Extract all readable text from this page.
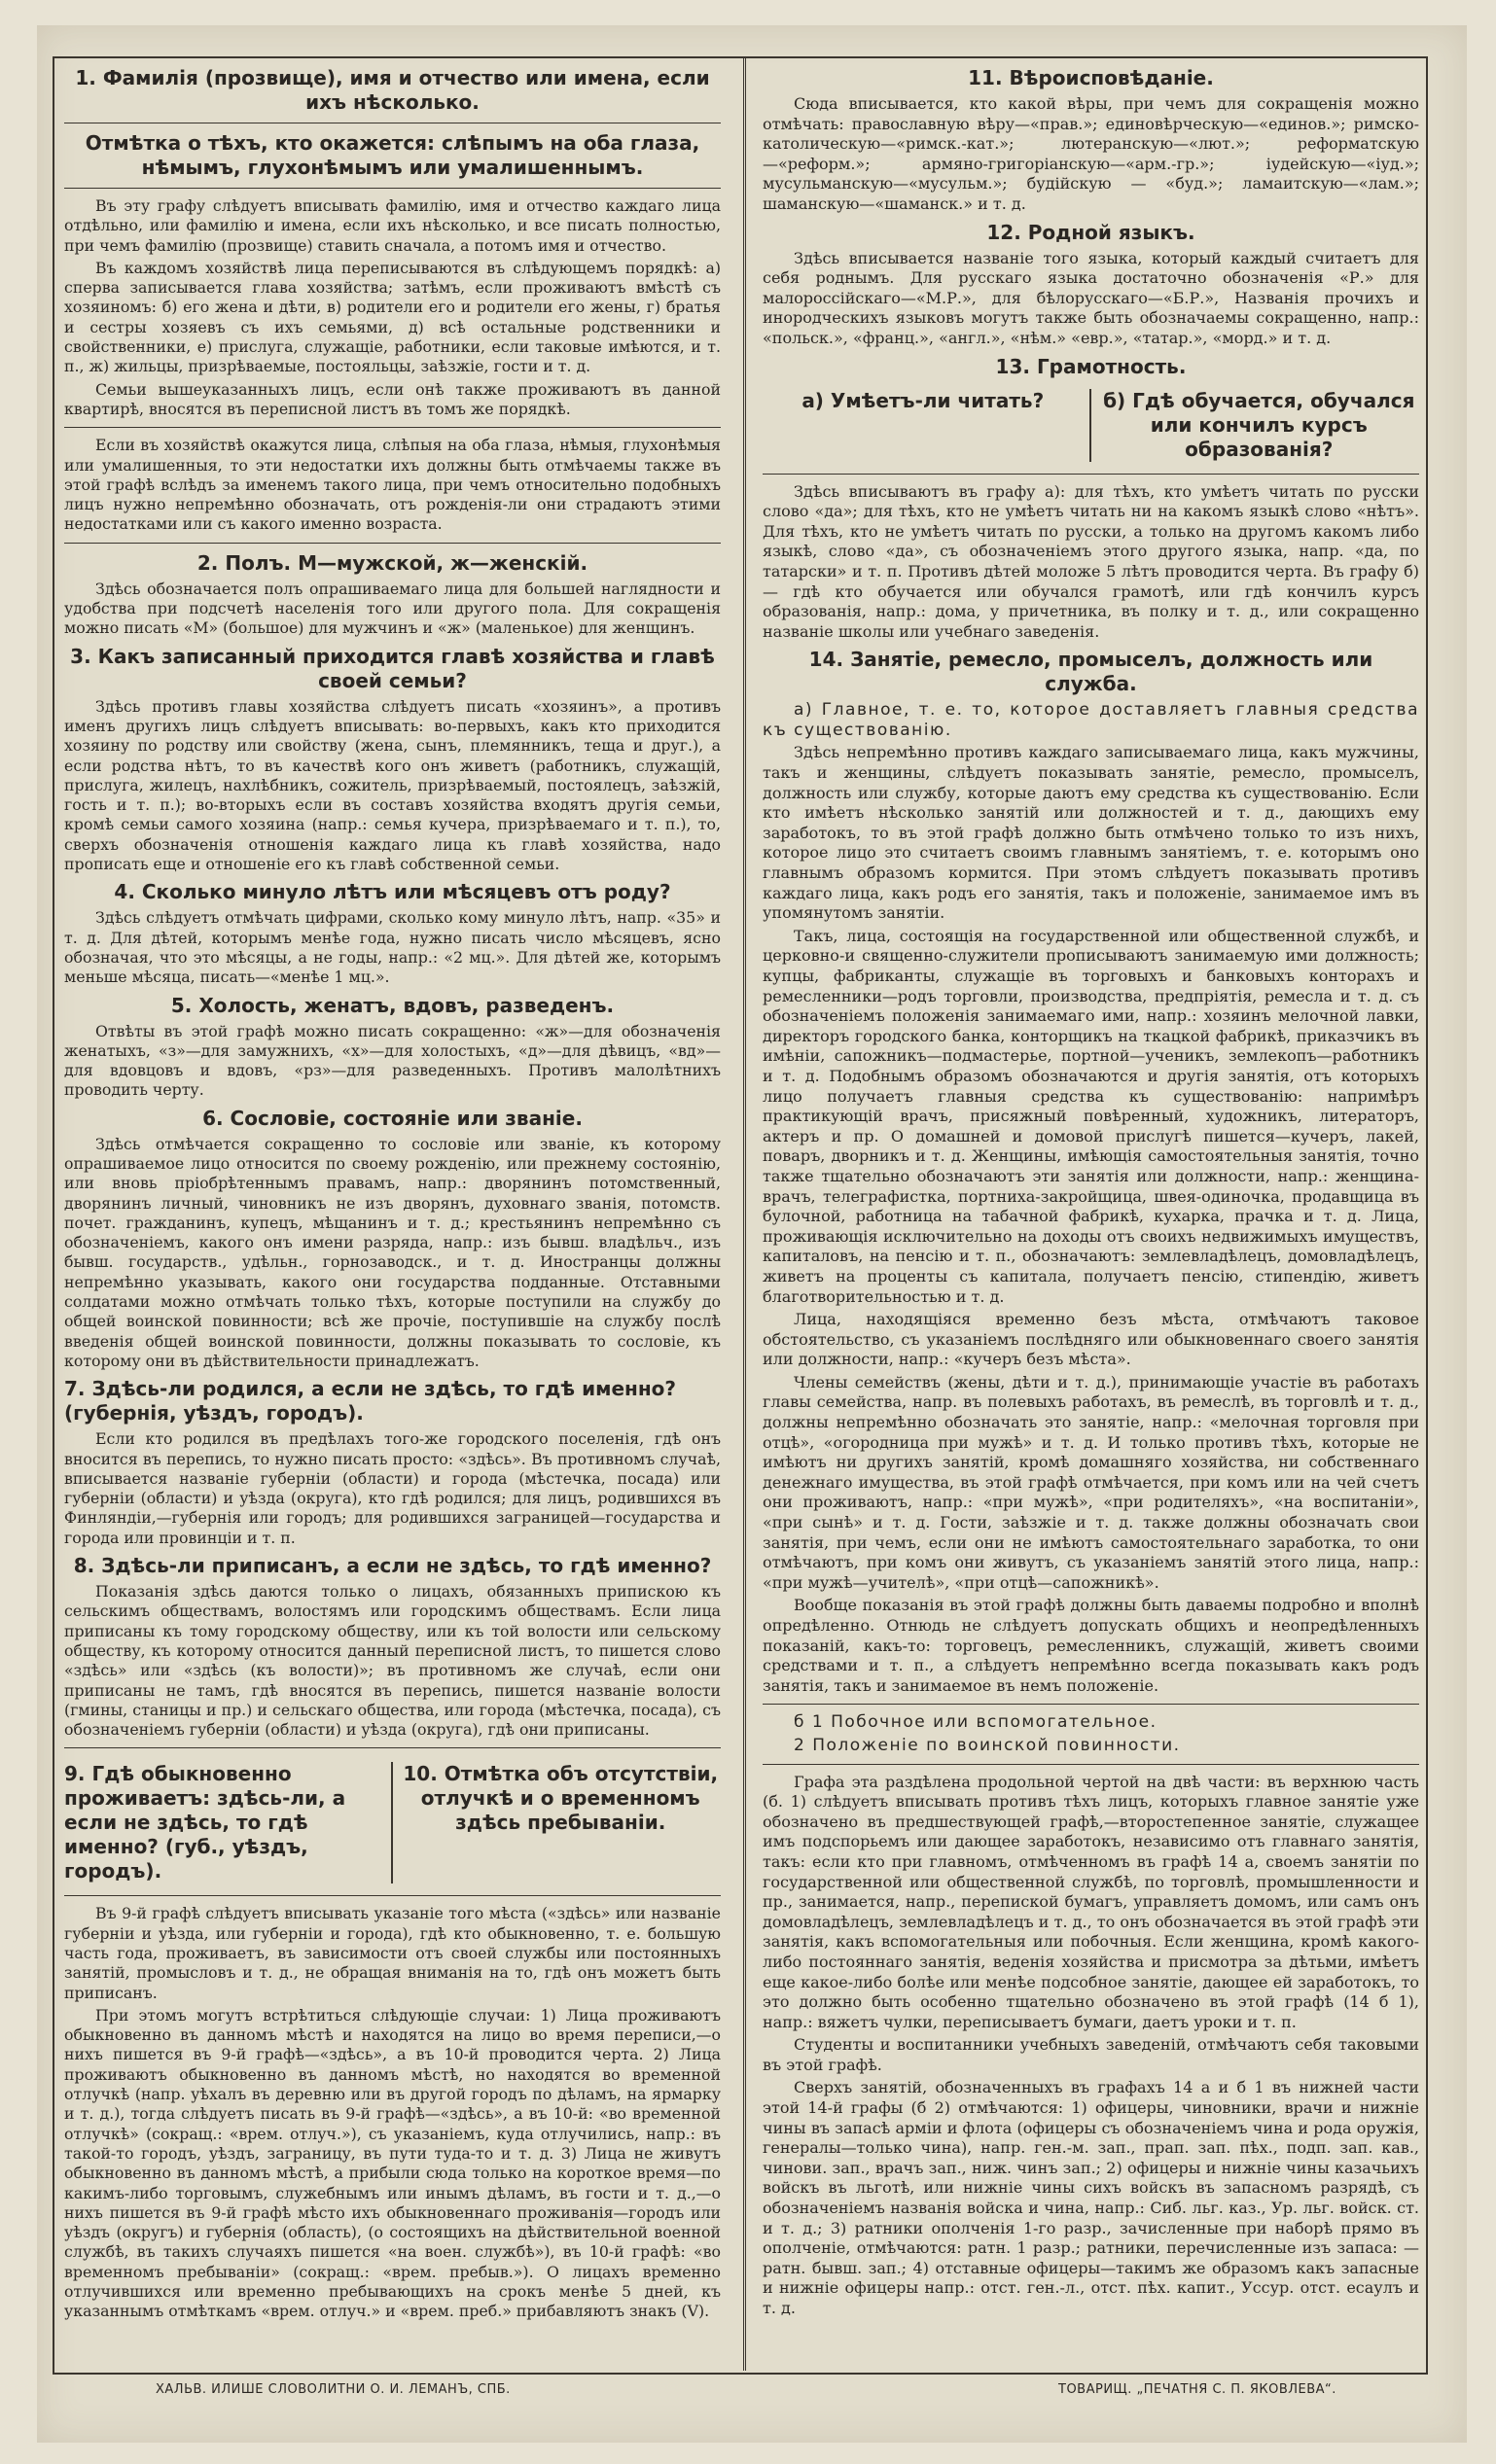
1. Фамилія (прозвище), имя и отчество или имена, если ихъ нѣсколько.
Отмѣтка о тѣхъ, кто окажется: слѣпымъ на оба глаза, нѣмымъ, глухонѣмымъ или умалишеннымъ.
Въ эту графу слѣдуетъ вписывать фамилію, имя и отчество каждаго лица отдѣльно, или фамилію и имена, если ихъ нѣсколько, и все писать полностью, при чемъ фамилію (прозвище) ставить сначала, а потомъ имя и отчество.
Въ каждомъ хозяйствѣ лица переписываются въ слѣдующемъ порядкѣ: а) сперва записывается глава хозяйства; затѣмъ, если проживаютъ вмѣстѣ съ хозяиномъ: б) его жена и дѣти, в) родители его и родители его жены, г) братья и сестры хозяевъ съ ихъ семьями, д) всѣ остальные родственники и свойственники, е) прислуга, служащіе, работники, если таковые имѣются, и т. п., ж) жильцы, призрѣваемые, постояльцы, заѣзжіе, гости и т. д.
Семьи вышеуказанныхъ лицъ, если онѣ также проживаютъ въ данной квартирѣ, вносятся въ переписной листъ въ томъ же порядкѣ.
Если въ хозяйствѣ окажутся лица, слѣпыя на оба глаза, нѣмыя, глухонѣмыя или умалишенныя, то эти недостатки ихъ должны быть отмѣчаемы также въ этой графѣ вслѣдъ за именемъ такого лица, при чемъ относительно подобныхъ лицъ нужно непремѣнно обозначать, отъ рожденія-ли они страдаютъ этими недостатками или съ какого именно возраста.
2. Полъ. М—мужской, ж—женскій.
Здѣсь обозначается полъ опрашиваемаго лица для большей наглядности и удобства при подсчетѣ населенія того или другого пола. Для сокращенія можно писать «М» (большое) для мужчинъ и «ж» (маленькое) для женщинъ.
3. Какъ записанный приходится главѣ хозяйства и главѣ своей семьи?
Здѣсь противъ главы хозяйства слѣдуетъ писать «хозяинъ», а противъ именъ другихъ лицъ слѣдуетъ вписывать: во-первыхъ, какъ кто приходится хозяину по родству или свойству (жена, сынъ, племянникъ, теща и друг.), а если родства нѣтъ, то въ качествѣ кого онъ живетъ (работникъ, служащій, прислуга, жилецъ, нахлѣбникъ, сожитель, призрѣваемый, постоялецъ, заѣзжій, гость и т. п.); во-вторыхъ если въ составъ хозяйства входятъ другія семьи, кромѣ семьи самого хозяина (напр.: семья кучера, призрѣваемаго и т. п.), то, сверхъ обозначенія отношенія каждаго лица къ главѣ хозяйства, надо прописать еще и отношеніе его къ главѣ собственной семьи.
4. Сколько минуло лѣтъ или мѣсяцевъ отъ роду?
Здѣсь слѣдуетъ отмѣчать цифрами, сколько кому минуло лѣтъ, напр. «35» и т. д. Для дѣтей, которымъ менѣе года, нужно писать число мѣсяцевъ, ясно обозначая, что это мѣсяцы, а не годы, напр.: «2 мц.». Для дѣтей же, которымъ меньше мѣсяца, писать—«менѣе 1 мц.».
5. Холость, женатъ, вдовъ, разведенъ.
Отвѣты въ этой графѣ можно писать сокращенно: «ж»—для обозначенія женатыхъ, «з»—для замужнихъ, «х»—для холостыхъ, «д»—для дѣвицъ, «вд»—для вдовцовъ и вдовъ, «рз»—для разведенныхъ. Противъ малолѣтнихъ проводить черту.
6. Сословіе, состояніе или званіе.
Здѣсь отмѣчается сокращенно то сословіе или званіе, къ которому опрашиваемое лицо относится по своему рожденію, или прежнему состоянію, или вновь пріобрѣтеннымъ правамъ, напр.: дворянинъ потомственный, дворянинъ личный, чиновникъ не изъ дворянъ, духовнаго званія, потомств. почет. гражданинъ, купецъ, мѣщанинъ и т. д.; крестьянинъ непремѣнно съ обозначеніемъ, какого онъ имени разряда, напр.: изъ бывш. владѣльч., изъ бывш. государств., удѣльн., горнозаводск., и т. д. Иностранцы должны непремѣнно указывать, какого они государства подданные. Отставными солдатами можно отмѣчать только тѣхъ, которые поступили на службу до общей воинской повинности; всѣ же прочіе, поступившіе на службу послѣ введенія общей воинской повинности, должны показывать то сословіе, къ которому они въ дѣйствительности принадлежатъ.
7. Здѣсь-ли родился, а если не здѣсь, то гдѣ именно? (губернія, уѣздъ, городъ).
Если кто родился въ предѣлахъ того-же городского поселенія, гдѣ онъ вносится въ перепись, то нужно писать просто: «здѣсь». Въ противномъ случаѣ, вписывается названіе губерніи (области) и города (мѣстечка, посада) или губерніи (области) и уѣзда (округа), кто гдѣ родился; для лицъ, родившихся въ Финляндіи,—губернія или городъ; для родившихся заграницей—государства и города или провинціи и т. п.
8. Здѣсь-ли приписанъ, а если не здѣсь, то гдѣ именно?
Показанія здѣсь даются только о лицахъ, обязанныхъ припискою къ сельскимъ обществамъ, волостямъ или городскимъ обществамъ. Если лица приписаны къ тому городскому обществу, или къ той волости или сельскому обществу, къ которому относится данный переписной листъ, то пишется слово «здѣсь» или «здѣсь (къ волости)»; въ противномъ же случаѣ, если они приписаны не тамъ, гдѣ вносятся въ перепись, пишется названіе волости (гмины, станицы и пр.) и сельскаго общества, или города (мѣстечка, посада), съ обозначеніемъ губерніи (области) и уѣзда (округа), гдѣ они приписаны.
9. Гдѣ обыкновенно проживаетъ: здѣсь-ли, а если не здѣсь, то гдѣ именно? (губ., уѣздъ, городъ).
10. Отмѣтка объ отсутствіи, отлучкѣ и о временномъ здѣсь пребываніи.
Въ 9-й графѣ слѣдуетъ вписывать указаніе того мѣста («здѣсь» или названіе губерніи и уѣзда, или губерніи и города), гдѣ кто обыкновенно, т. е. большую часть года, проживаетъ, въ зависимости отъ своей службы или постоянныхъ занятій, промысловъ и т. д., не обращая вниманія на то, гдѣ онъ можетъ быть приписанъ.
При этомъ могутъ встрѣтиться слѣдующіе случаи: 1) Лица проживаютъ обыкновенно въ данномъ мѣстѣ и находятся на лицо во время переписи,—о нихъ пишется въ 9-й графѣ—«здѣсь», а въ 10-й проводится черта. 2) Лица проживаютъ обыкновенно въ данномъ мѣстѣ, но находятся во временной отлучкѣ (напр. уѣхалъ въ деревню или въ другой городъ по дѣламъ, на ярмарку и т. д.), тогда слѣдуетъ писать въ 9-й графѣ—«здѣсь», а въ 10-й: «во временной отлучкѣ» (сокращ.: «врем. отлуч.»), съ указаніемъ, куда отлучились, напр.: въ такой-то городъ, уѣздъ, заграницу, въ пути туда-то и т. д. 3) Лица не живутъ обыкновенно въ данномъ мѣстѣ, а прибыли сюда только на короткое время—по какимъ-либо торговымъ, служебнымъ или инымъ дѣламъ, въ гости и т. д.,—о нихъ пишется въ 9-й графѣ мѣсто ихъ обыкновеннаго проживанія—городъ или уѣздъ (округъ) и губернія (область), (о состоящихъ на дѣйствительной военной службѣ, въ такихъ случаяхъ пишется «на воен. службѣ»), въ 10-й графѣ: «во временномъ пребываніи» (сокращ.: «врем. пребыв.»). О лицахъ временно отлучившихся или временно пребывающихъ на срокъ менѣе 5 дней, къ указаннымъ отмѣткамъ «врем. отлуч.» и «врем. преб.» прибавляютъ знакъ (V).
11. Вѣроисповѣданіе.
Сюда вписывается, кто какой вѣры, при чемъ для сокращенія можно отмѣчать: православную вѣру—«прав.»; единовѣрческую—«единов.»; римско-католическую—«римск.-кат.»; лютеранскую—«лют.»; реформатскую—«реформ.»; армяно-григоріанскую—«арм.-гр.»; іудейскую—«іуд.»; мусульманскую—«мусульм.»; будійскую — «буд.»; ламаитскую—«лам.»; шаманскую—«шаманск.» и т. д.
12. Родной языкъ.
Здѣсь вписывается названіе того языка, который каждый считаетъ для себя роднымъ. Для русскаго языка достаточно обозначенія «Р.» для малороссійскаго—«М.Р.», для бѣлорусскаго—«Б.Р.», Названія прочихъ и инородческихъ языковъ могутъ также быть обозначаемы сокращенно, напр.: «польск.», «франц.», «англ.», «нѣм.» «евр.», «татар.», «морд.» и т. д.
13. Грамотность.
а) Умѣетъ-ли читать?	б) Гдѣ обучается, обучался или кончилъ курсъ образованія?
Здѣсь вписываютъ въ графу а): для тѣхъ, кто умѣетъ читать по русски слово «да»; для тѣхъ, кто не умѣетъ читать ни на какомъ языкѣ слово «нѣтъ». Для тѣхъ, кто не умѣетъ читать по русски, а только на другомъ какомъ либо языкѣ, слово «да», съ обозначеніемъ этого другого языка, напр. «да, по татарски» и т. п. Противъ дѣтей моложе 5 лѣтъ проводится черта. Въ графу б) — гдѣ кто обучается или обучался грамотѣ, или гдѣ кончилъ курсъ образованія, напр.: дома, у причетника, въ полку и т. д., или сокращенно названіе школы или учебнаго заведенія.
14. Занятіе, ремесло, промыселъ, должность или служба.
а) Главное, т. е. то, которое доставляетъ главныя средства къ существованію.
Здѣсь непремѣнно противъ каждаго записываемаго лица, какъ мужчины, такъ и женщины, слѣдуетъ показывать занятіе, ремесло, промыселъ, должность или службу, которые даютъ ему средства къ существованію. Если кто имѣетъ нѣсколько занятій или должностей и т. д., дающихъ ему заработокъ, то въ этой графѣ должно быть отмѣчено только то изъ нихъ, которое лицо это считаетъ своимъ главнымъ занятіемъ, т. е. которымъ оно главнымъ образомъ кормится. При этомъ слѣдуетъ показывать противъ каждаго лица, какъ родъ его занятія, такъ и положеніе, занимаемое имъ въ упомянутомъ занятіи.
Такъ, лица, состоящія на государственной или общественной службѣ, и церковно-и священно-служители прописываютъ занимаемую ими должность; купцы, фабриканты, служащіе въ торговыхъ и банковыхъ конторахъ и ремесленники—родъ торговли, производства, предпріятія, ремесла и т. д. съ обозначеніемъ положенія занимаемаго ими, напр.: хозяинъ мелочной лавки, директоръ городского банка, конторщикъ на ткацкой фабрикѣ, приказчикъ въ имѣніи, сапожникъ—подмастерье, портной—ученикъ, землекопъ—работникъ и т. д. Подобнымъ образомъ обозначаются и другія занятія, отъ которыхъ лицо получаетъ главныя средства къ существованію: напримѣръ практикующій врачъ, присяжный повѣренный, художникъ, литераторъ, актеръ и пр. О домашней и домовой прислугѣ пишется—кучеръ, лакей, поваръ, дворникъ и т. д. Женщины, имѣющія самостоятельныя занятія, точно также тщательно обозначаютъ эти занятія или должности, напр.: женщина-врачъ, телеграфистка, портниха-закройщица, швея-одиночка, продавщица въ булочной, работница на табачной фабрикѣ, кухарка, прачка и т. д. Лица, проживающія исключительно на доходы отъ своихъ недвижимыхъ имуществъ, капиталовъ, на пенсію и т. п., обозначаютъ: землевладѣлецъ, домовладѣлецъ, живетъ на проценты съ капитала, получаетъ пенсію, стипендію, живетъ благотворительностью и т. д.
Лица, находящіяся временно безъ мѣста, отмѣчаютъ таковое обстоятельство, съ указаніемъ послѣдняго или обыкновеннаго своего занятія или должности, напр.: «кучеръ безъ мѣста».
Члены семействъ (жены, дѣти и т. д.), принимающіе участіе въ работахъ главы семейства, напр. въ полевыхъ работахъ, въ ремеслѣ, въ торговлѣ и т. д., должны непремѣнно обозначать это занятіе, напр.: «мелочная торговля при отцѣ», «огородница при мужѣ» и т. д. И только противъ тѣхъ, которые не имѣютъ ни другихъ занятій, кромѣ домашняго хозяйства, ни собственнаго денежнаго имущества, въ этой графѣ отмѣчается, при комъ или на чей счетъ они проживаютъ, напр.: «при мужѣ», «при родителяхъ», «на воспитаніи», «при сынѣ» и т. д. Гости, заѣзжіе и т. д. также должны обозначать свои занятія, при чемъ, если они не имѣютъ самостоятельнаго заработка, то они отмѣчаютъ, при комъ они живутъ, съ указаніемъ занятій этого лица, напр.: «при мужѣ—учителѣ», «при отцѣ—сапожникѣ».
Вообще показанія въ этой графѣ должны быть даваемы подробно и вполнѣ опредѣленно. Отнюдь не слѣдуетъ допускать общихъ и неопредѣленныхъ показаній, какъ-то: торговецъ, ремесленникъ, служащій, живетъ своими средствами и т. п., а слѣдуетъ непремѣнно всегда показывать какъ родъ занятія, такъ и занимаемое въ немъ положеніе.
б 1 Побочное или вспомогательное.
2 Положеніе по воинской повинности.
Графа эта раздѣлена продольной чертой на двѣ части: въ верхнюю часть (б. 1) слѣдуетъ вписывать противъ тѣхъ лицъ, которыхъ главное занятіе уже обозначено въ предшествующей графѣ,—второстепенное занятіе, служащее имъ подспорьемъ или дающее заработокъ, независимо отъ главнаго занятія, такъ: если кто при главномъ, отмѣченномъ въ графѣ 14 а, своемъ занятіи по государственной или общественной службѣ, по торговлѣ, промышленности и пр., занимается, напр., перепиской бумагъ, управляетъ домомъ, или самъ онъ домовладѣлецъ, землевладѣлецъ и т. д., то онъ обозначается въ этой графѣ эти занятія, какъ вспомогательныя или побочныя. Если женщина, кромѣ какого-либо постояннаго занятія, веденія хозяйства и присмотра за дѣтьми, имѣетъ еще какое-либо болѣе или менѣе подсобное занятіе, дающее ей заработокъ, то это должно быть особенно тщательно обозначено въ этой графѣ (14 б 1), напр.: вяжетъ чулки, переписываетъ бумаги, даетъ уроки и т. п.
Студенты и воспитанники учебныхъ заведеній, отмѣчаютъ себя таковыми въ этой графѣ.
Сверхъ занятій, обозначенныхъ въ графахъ 14 а и б 1 въ нижней части этой 14-й графы (б 2) отмѣчаются: 1) офицеры, чиновники, врачи и нижніе чины въ запасѣ арміи и флота (офицеры съ обозначеніемъ чина и рода оружія, генералы—только чина), напр. ген.-м. зап., прап. зап. пѣх., подп. зап. кав., чинови. зап., врачъ зап., ниж. чинъ зап.; 2) офицеры и нижніе чины казачьихъ войскъ въ льготѣ, или нижніе чины сихъ войскъ въ запасномъ разрядѣ, съ обозначеніемъ названія войска и чина, напр.: Сиб. льг. каз., Ур. льг. войск. ст. и т. д.; 3) ратники ополченія 1-го разр., зачисленные при наборѣ прямо въ ополченіе, отмѣчаются: ратн. 1 разр.; ратники, перечисленные изъ запаса: —ратн. бывш. зап.; 4) отставные офицеры—такимъ же образомъ какъ запасные и нижніе офицеры напр.: отст. ген.-л., отст. пѣх. капит., Уссур. отст. есаулъ и т. д.
ХАЛЬВ. ИЛИШЕ СЛОВОЛИТНИ О. И. ЛЕМАНЪ, СПБ.	ТОВАРИЩ. „ПЕЧАТНЯ С. П. ЯКОВЛЕВА“.
